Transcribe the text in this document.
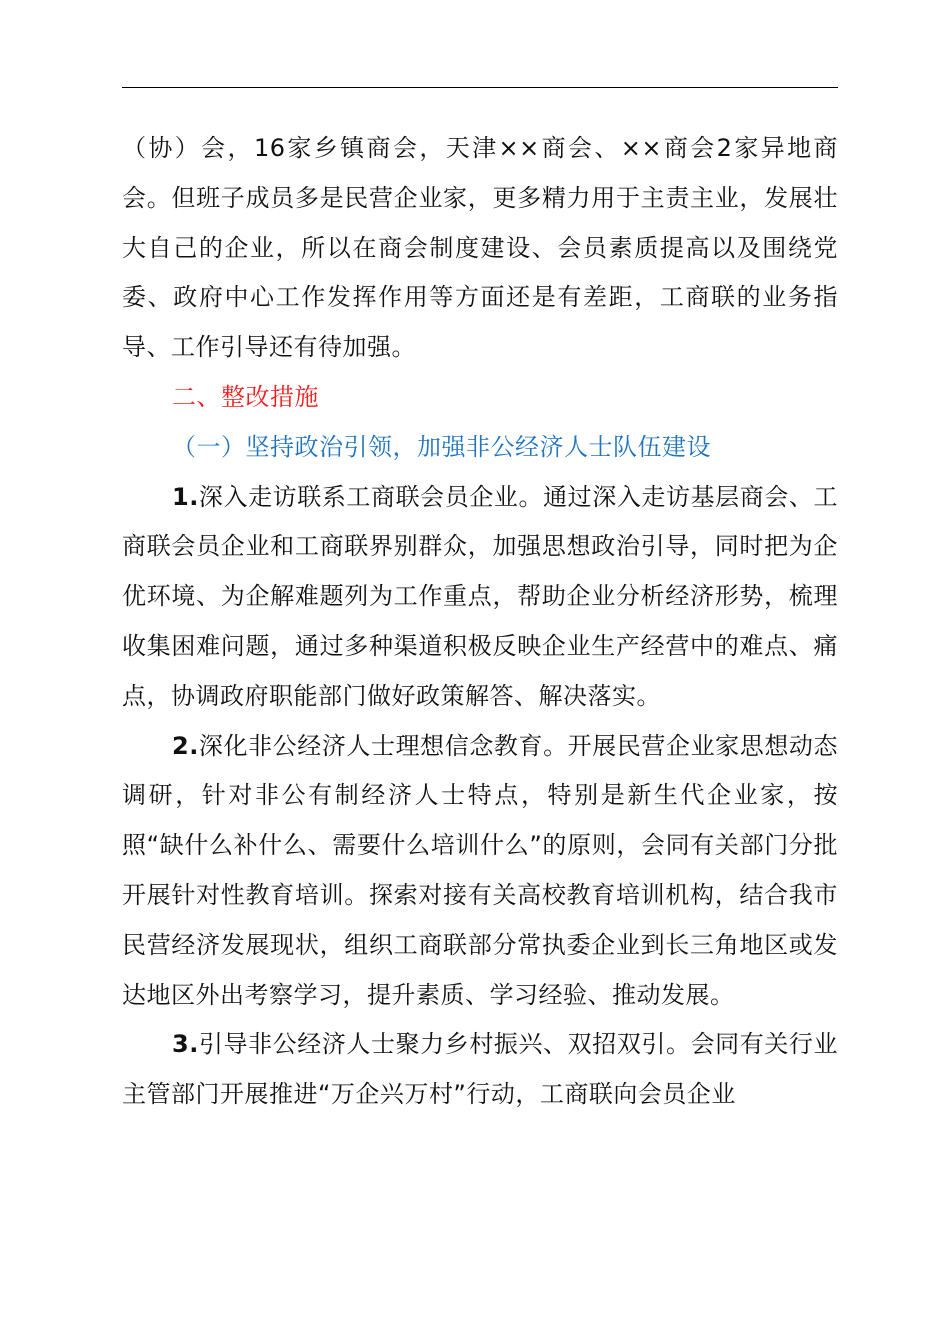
（协）会，16家乡镇商会，天津××商会、××商会2家异地商会。但班子成员多是民营企业家，更多精力用于主责主业，发展壮大自己的企业，所以在商会制度建设、会员素质提高以及围绕党委、政府中心工作发挥作用等方面还是有差距，工商联的业务指导、工作引导还有待加强。

二、整改措施

（一）坚持政治引领，加强非公经济人士队伍建设

1.深入走访联系工商联会员企业。通过深入走访基层商会、工商联会员企业和工商联界别群众，加强思想政治引导，同时把为企优环境、为企解难题列为工作重点，帮助企业分析经济形势，梳理收集困难问题，通过多种渠道积极反映企业生产经营中的难点、痛点，协调政府职能部门做好政策解答、解决落实。

2.深化非公经济人士理想信念教育。开展民营企业家思想动态调研，针对非公有制经济人士特点，特别是新生代企业家，按照“缺什么补什么、需要什么培训什么”的原则，会同有关部门分批开展针对性教育培训。探索对接有关高校教育培训机构，结合我市民营经济发展现状，组织工商联部分常执委企业到长三角地区或发达地区外出考察学习，提升素质、学习经验、推动发展。

3.引导非公经济人士聚力乡村振兴、双招双引。会同有关行业主管部门开展推进“万企兴万村”行动，工商联向会员企业
